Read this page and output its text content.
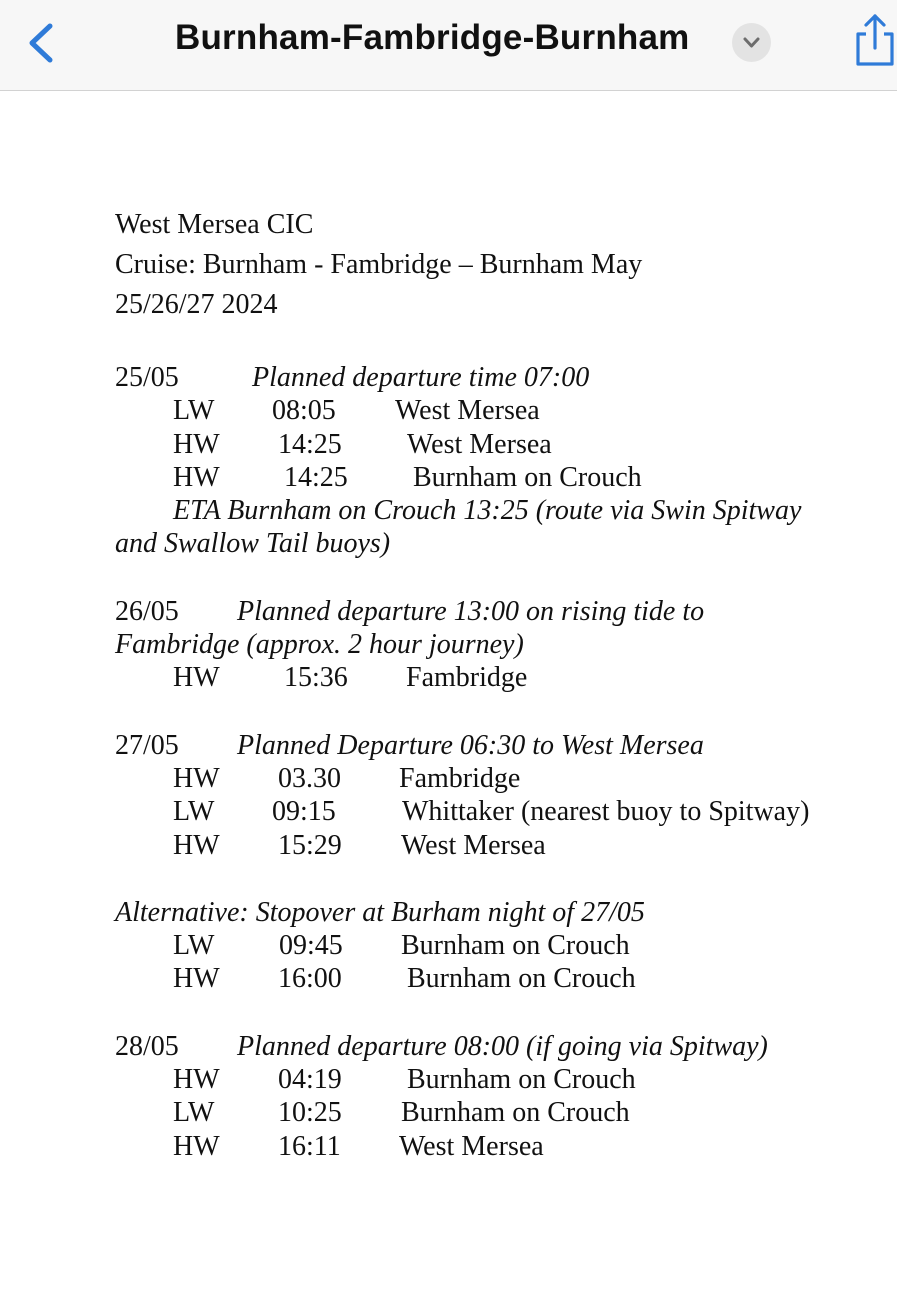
Burnham-Fambridge-Burnham
West Mersea CIC
Cruise: Burnham - Fambridge – Burnham May
25/26/27 2024
25/05	Planned departure time 07:00
LW 08:05 West Mersea
HW 14:25 West Mersea
HW 14:25 Burnham on Crouch
ETA Burnham on Crouch 13:25 (route via Swin Spitway
and Swallow Tail buoys)
26/05 Planned departure 13:00 on rising tide to
Fambridge (approx. 2 hour journey)
HW 15:36 Fambridge
27/05 Planned Departure 06:30 to West Mersea
HW 03.30 Fambridge
LW 09:15 Whittaker (nearest buoy to Spitway)
HW 15:29 West Mersea
Alternative: Stopover at Burham night of 27/05
LW 09:45 Burnham on Crouch
HW 16:00 Burnham on Crouch
28/05 Planned departure 08:00 (if going via Spitway)
HW 04:19 Burnham on Crouch
LW 10:25 Burnham on Crouch
HW 16:11 West Mersea
